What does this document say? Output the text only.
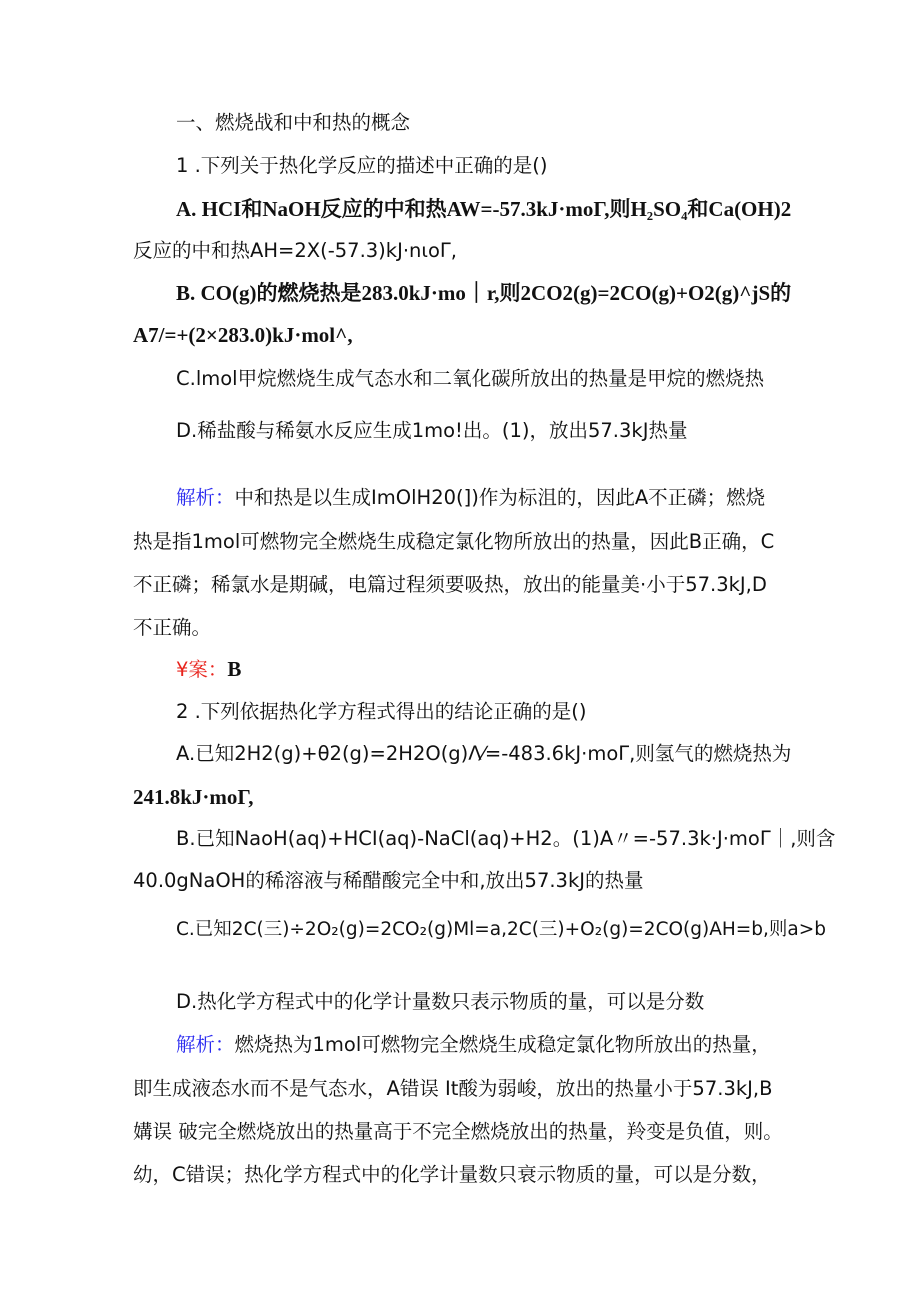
一、燃烧战和中和热的概念
1 .下列关于热化学反应的描述中正确的是()
A. HCI和NaOH反应的中和热AW=-57.3kJ·moΓ,则H₂SO₄和Ca(OH)2
反应的中和热AH=2X(-57.3)kJ·nιoΓ,
B. CO(g)的燃烧热是283.0kJ·mo｜r,则2CO2(g)=2CO(g)+O2(g)^jS的
A7/=+(2×283.0)kJ·mol^,
C.lmol甲烷燃烧生成气态水和二氧化碳所放出的热量是甲烷的燃烧热
D.稀盐酸与稀氨水反应生成1mo!出。(1)，放出57.3kJ热量
解析：中和热是以生成ImOlH20(])作为标沮的，因此A不正磷；燃烧
热是指1mol可燃物完全燃烧生成稳定氯化物所放出的热量，因此B正确，C
不正磷；稀氯水是期碱，电篇过程须要吸热，放出的能量美·小于57.3kJ,D
不正确。
¥案：B
2 .下列依据热化学方程式得出的结论正确的是()
A.已知2H2(g)+θ2(g)=2H2O(g)Λ⁄=-483.6kJ·moΓ,则氢气的燃烧热为
241.8kJ·moΓ,
B.已知NaoH(aq)+HCI(aq)-NaCl(aq)+H2。(1)A〃=-57.3k·J·moΓ｜,则含
40.0gNaOH的稀溶液与稀醋酸完全中和,放出57.3kJ的热量
C.已知2C(三)÷2O₂(g)=2CO₂(g)Ml=a,2C(三)+O₂(g)=2CO(g)AH=b,则a>b
D.热化学方程式中的化学计量数只表示物质的量，可以是分数
解析：燃烧热为1mol可燃物完全燃烧生成稳定氯化物所放出的热量，
即生成液态水而不是气态水，A错误 It酸为弱峻，放出的热量小于57.3kJ,B
媾误 破完全燃烧放出的热量高于不完全燃烧放出的热量，羚变是负值，则。
幼，C错误；热化学方程式中的化学计量数只衰示物质的量，可以是分数，
